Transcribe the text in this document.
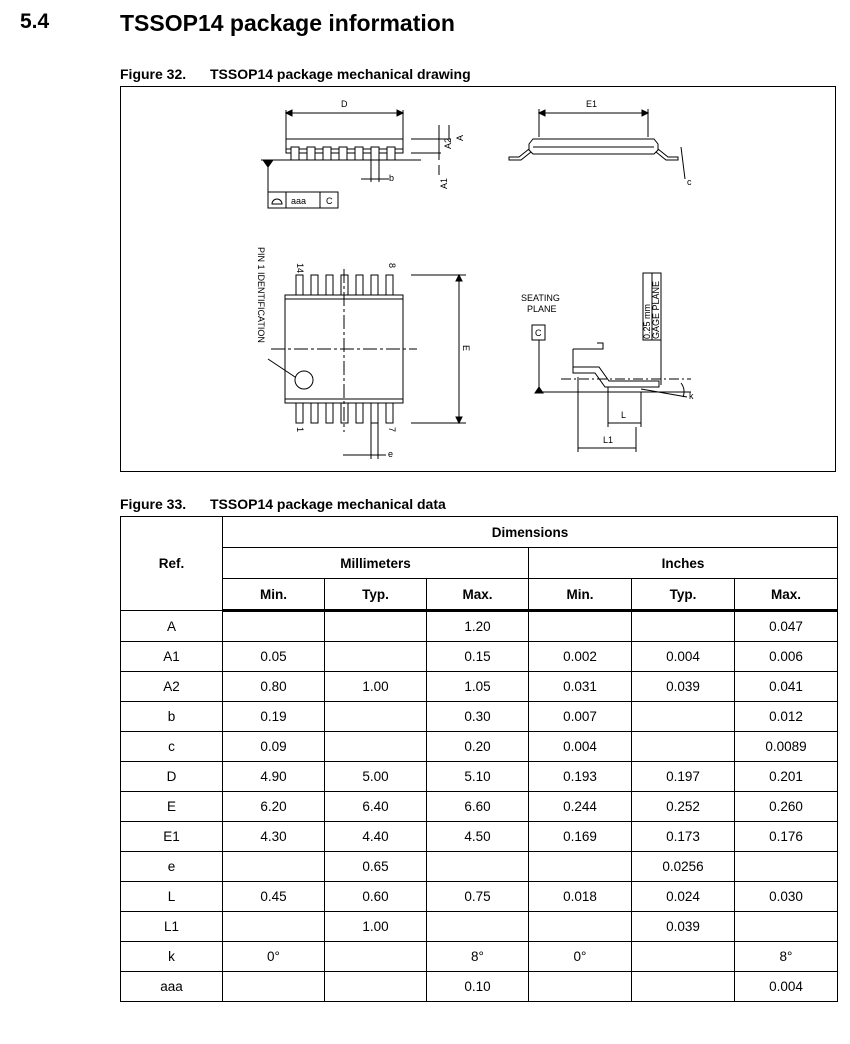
5.4	TSSOP14 package information
Figure 32. TSSOP14 package mechanical drawing
D
A2 A
A1
b
aaa C
E1
c
PIN 1 IDENTIFICATION	14	8
1	7
E
e
SEATING
PLANE
C	0.25 mm GAGE PLANE
k
L
L1
Figure 33. TSSOP14 package mechanical data
Ref.	Dimensions					
	Millimeters			Inches		
	Min.	Typ.	Max.	Min.	Typ.	Max.
A			1.20			0.047
A1	0.05		0.15	0.002	0.004	0.006
A2	0.80	1.00	1.05	0.031	0.039	0.041
b	0.19		0.30	0.007		0.012
c	0.09		0.20	0.004		0.0089
D	4.90	5.00	5.10	0.193	0.197	0.201
E	6.20	6.40	6.60	0.244	0.252	0.260
E1	4.30	4.40	4.50	0.169	0.173	0.176
e		0.65			0.0256	
L	0.45	0.60	0.75	0.018	0.024	0.030
L1		1.00			0.039	
k	0°		8°	0°		8°
aaa			0.10			0.004
